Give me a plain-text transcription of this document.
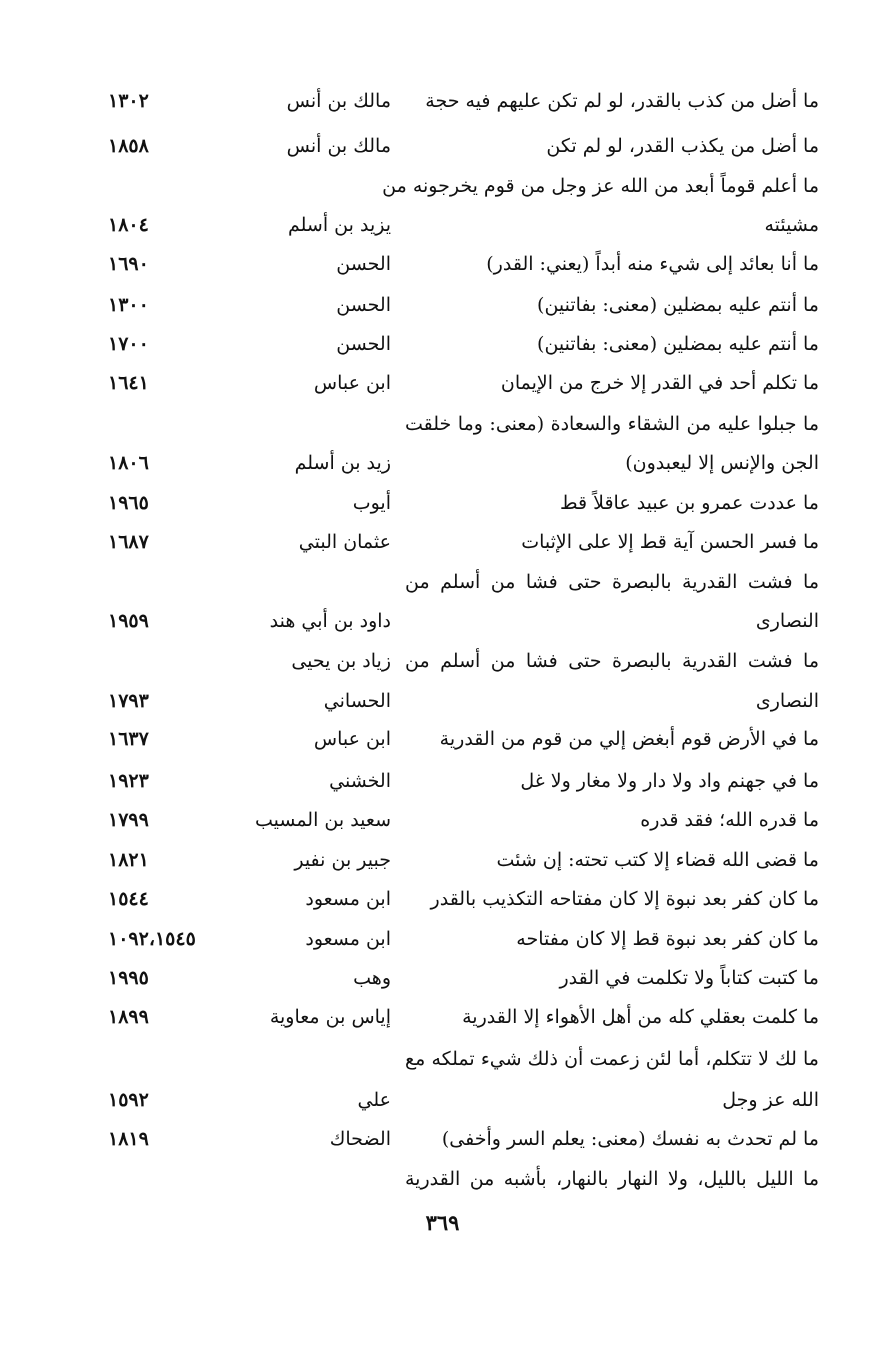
ما أضل من كذب بالقدر، لو لم تكن عليهم فيه حجة
مالك بن أنس
١٣٠٢
ما أضل من يكذب القدر، لو لم تكن
مالك بن أنس
١٨٥٨
ما أعلم قوماً أبعد من الله عز وجل من قوم يخرجونه من
مشيئته
يزيد بن أسلم
١٨٠٤
ما أنا بعائد إلى شيء منه أبداً (يعني: القدر)
الحسن
١٦٩٠
ما أنتم عليه بمضلين (معنى: بفاتنين)
الحسن
١٣٠٠
ما أنتم عليه بمضلين (معنى: بفاتنين)
الحسن
١٧٠٠
ما تكلم أحد في القدر إلا خرج من الإيمان
ابن عباس
١٦٤١
ما جبلوا عليه من الشقاء والسعادة (معنى: وما خلقت
الجن والإنس إلا ليعبدون)
زيد بن أسلم
١٨٠٦
ما عددت عمرو بن عبيد عاقلاً قط
أيوب
١٩٦٥
ما فسر الحسن آية قط إلا على الإثبات
عثمان البتي
١٦٨٧
ما فشت القدرية بالبصرة حتى فشا من أسلم من
النصارى
داود بن أبي هند
١٩٥٩
ما فشت القدرية بالبصرة حتى فشا من أسلم من
زياد بن يحيى
النصارى
الحساني
١٧٩٣
ما في الأرض قوم أبغض إلي من قوم من القدرية
ابن عباس
١٦٣٧
ما في جهنم واد ولا دار ولا مغار ولا غل
الخشني
١٩٢٣
ما قدره الله؛ فقد قدره
سعيد بن المسيب
١٧٩٩
ما قضى الله قضاء إلا كتب تحته: إن شئت
جبير بن نفير
١٨٢١
ما كان كفر بعد نبوة إلا كان مفتاحه التكذيب بالقدر
ابن مسعود
١٥٤٤
ما كان كفر بعد نبوة قط إلا كان مفتاحه
ابن مسعود
١٠٩٢،١٥٤٥
ما كتبت كتاباً ولا تكلمت في القدر
وهب
١٩٩٥
ما كلمت بعقلي كله من أهل الأهواء إلا القدرية
إياس بن معاوية
١٨٩٩
ما لك لا تتكلم، أما لئن زعمت أن ذلك شيء تملكه مع
الله عز وجل
علي
١٥٩٢
ما لم تحدث به نفسك (معنى: يعلم السر وأخفى)
الضحاك
١٨١٩
ما الليل بالليل، ولا النهار بالنهار، بأشبه من القدرية
٣٦٩
